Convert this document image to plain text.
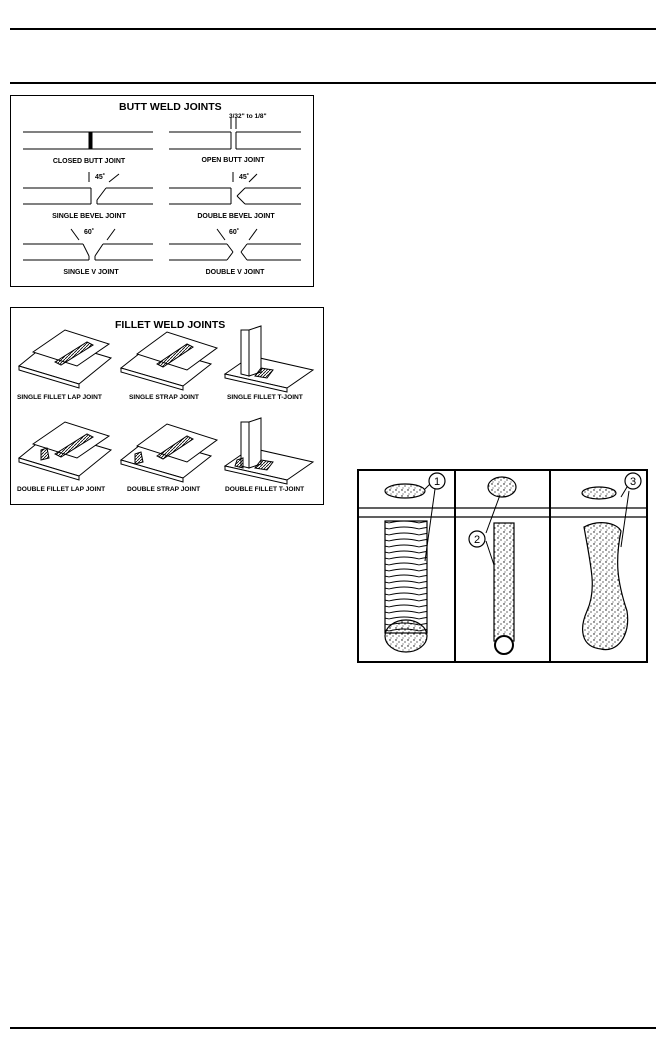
BUTT WELD JOINTS
3/32" to 1/8"
CLOSED BUTT JOINT	OPEN BUTT JOINT
45˚	45˚
SINGLE BEVEL JOINT	DOUBLE BEVEL JOINT
60˚	60˚
SINGLE V JOINT	DOUBLE V JOINT
FILLET WELD JOINTS
SINGLE FILLET LAP JOINT	SINGLE STRAP JOINT	SINGLE FILLET T-JOINT
DOUBLE FILLET LAP JOINT	DOUBLE STRAP JOINT	DOUBLE FILLET T-JOINT
1
2
3
